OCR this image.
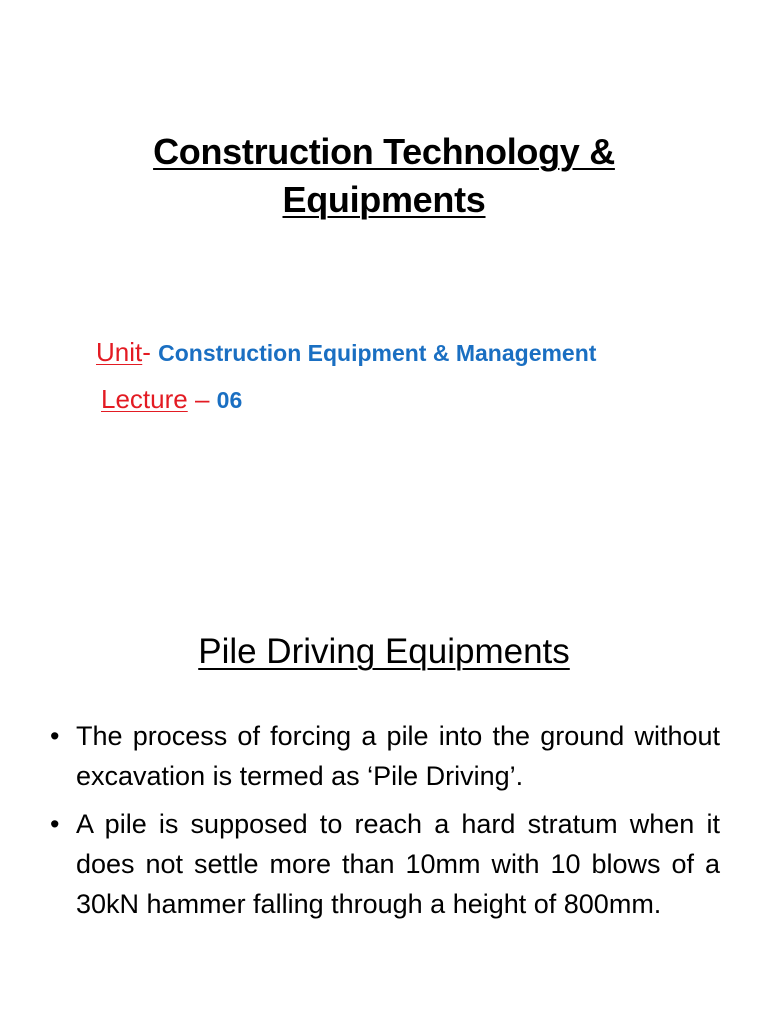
Construction Technology &
Equipments
Unit- Construction Equipment & Management
Lecture – 06
Pile Driving Equipments
• The process of forcing a pile into the ground without excavation is termed as ‘Pile Driving’.
• A pile is supposed to reach a hard stratum when it does not settle more than 10mm with 10 blows of a 30kN hammer falling through a height of 800mm.
